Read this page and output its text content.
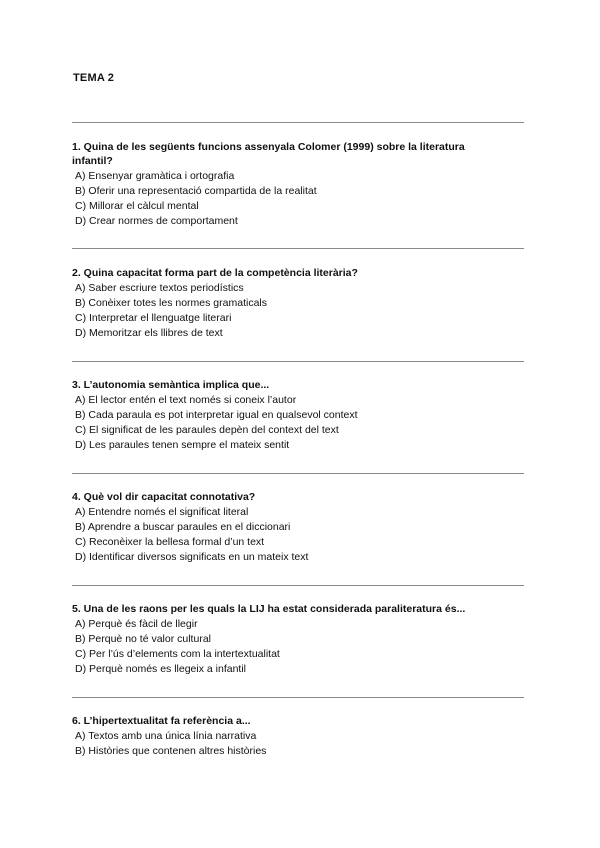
TEMA 2
1. Quina de les següents funcions assenyala Colomer (1999) sobre la literatura infantil?
A) Ensenyar gramàtica i ortografia
B) Oferir una representació compartida de la realitat
C) Millorar el càlcul mental
D) Crear normes de comportament
2. Quina capacitat forma part de la competència literària?
A) Saber escriure textos periodístics
B) Conèixer totes les normes gramaticals
C) Interpretar el llenguatge literari
D) Memoritzar els llibres de text
3. L’autonomia semàntica implica que...
A) El lector entén el text només si coneix l’autor
B) Cada paraula es pot interpretar igual en qualsevol context
C) El significat de les paraules depèn del context del text
D) Les paraules tenen sempre el mateix sentit
4. Què vol dir capacitat connotativa?
A) Entendre només el significat literal
B) Aprendre a buscar paraules en el diccionari
C) Reconèixer la bellesa formal d’un text
D) Identificar diversos significats en un mateix text
5. Una de les raons per les quals la LIJ ha estat considerada paraliteratura és...
A) Perquè és fàcil de llegir
B) Perquè no té valor cultural
C) Per l’ús d’elements com la intertextualitat
D) Perquè només es llegeix a infantil
6. L’hipertextualitat fa referència a...
A) Textos amb una única línia narrativa
B) Històries que contenen altres històries
